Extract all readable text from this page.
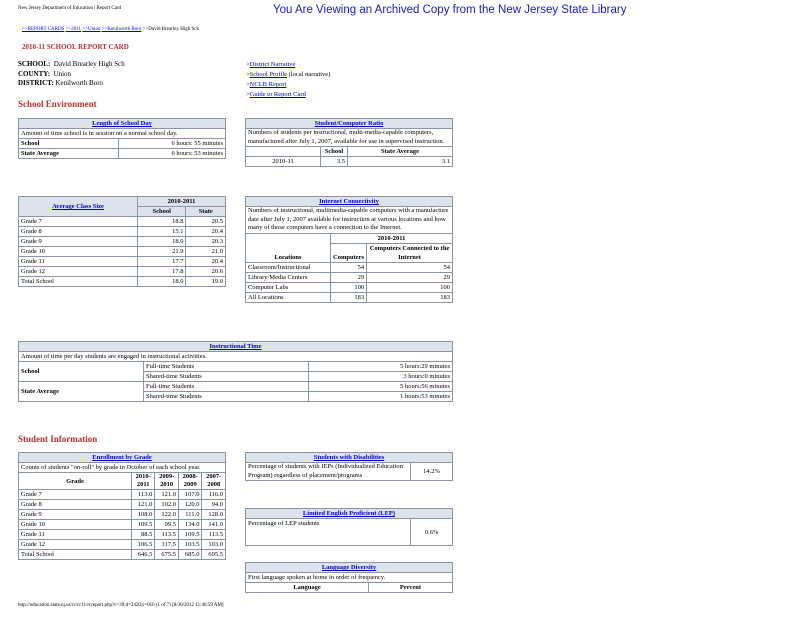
New Jersey Department of Education | Report Card	You Are Viewing an Archived Copy from the New Jersey State Library
>>REPORT CARDS >>2011 >>Union >>Kenilworth Boro >>David Brearley High Sch
2010-11 SCHOOL REPORT CARD
SCHOOL: David Brearley High Sch
COUNTY: Union
DISTRICT: Kenilworth Boro
>District Narrative
>School Profile (local narrative)
>NCLB Report
>Guide to Report Card
School Environment
Length of School Day	
Amount of time school is in session on a normal school day.	
School	6 hours: 55 minutes
State Average	6 hours: 53 minutes
Student/Computer Ratio		
Numbers of students per instructional, multi-media-capable computers, manufactured after July 1, 2007, available for use in supervised instruction.		
	School	State Average
2010-11	3.5	3.1
Average Class Size	2010-2011	
	School	State
Grade 7	18.8	20.5
Grade 8	15.1	20.4
Grade 9	18.0	20.3
Grade 10	21.9	21.0
Grade 11	17.7	20.4
Grade 12	17.8	20.6
Total School	18.0	19.0
Internet Connectivity		
Numbers of instructional, multimedia-capable computers with a manufacture date after July 1, 2007 available for instruction at various locations and how many of those computers have a connection to the Internet.		
Locations	2010-2011	
	Computers	Computers Connected to the Internet
Classroom/Instructional	54	54
Library/Media Centers	29	29
Computer Labs	100	100
All Locations	183	183
Instructional Time		
Amount of time per day students are engaged in instructional activities.		
School	Full-time Students	5 hours:29 minutes
	Shared-time Students	3 hours:0 minutes
State Average	Full-time Students	5 hours:56 minutes
	Shared-time Students	1 hours:53 minutes
Student Information
Enrollment by Grade				
Counts of students "on-roll" by grade in October of each school year.				
Grade	2010-2011	2009-2010	2008-2009	2007-2008
Grade 7	113.0	121.0	107.0	116.0
Grade 8	121.0	102.0	120.0	94.0
Grade 9	108.0	122.0	111.0	128.0
Grade 10	109.5	99.5	134.0	141.0
Grade 11	88.5	113.5	109.5	113.5
Grade 12	106.5	117.5	103.5	103.0
Total School	646.5	675.5	685.0	695.5
Students with Disabilities
Percentage of students with IEPs (Individualized Education Program) regardless of placement/programs	14.2%
Limited English Proficient (LEP)
Percentage of LEP students	0.6%
Language Diversity
First language spoken at home in order of frequency.
Language	Percent
http://education.state.nj.us/rc/rc11/rcreport.php?c=39;d=2420;s=010 (1 of 7) [8/30/2012 11:46:59 AM]
